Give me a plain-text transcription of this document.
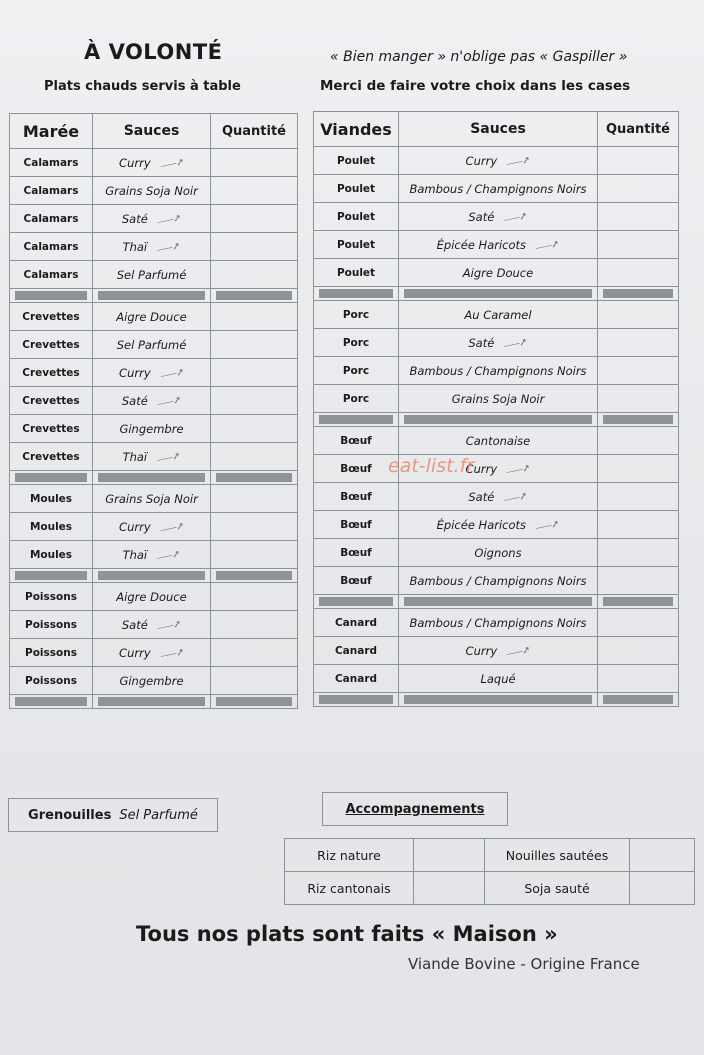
À VOLONTÉ
Plats chauds servis à table
« Bien manger » n'oblige pas « Gaspiller »
Merci de faire votre choix dans les cases
Marée	Sauces	Quantité
Calamars	Curry ⸺➚	
Calamars	Grains Soja Noir	
Calamars	Saté ⸺➚	
Calamars	Thaï ⸺➚	
Calamars	Sel Parfumé	

Crevettes	Aigre Douce	
Crevettes	Sel Parfumé	
Crevettes	Curry ⸺➚	
Crevettes	Saté ⸺➚	
Crevettes	Gingembre	
Crevettes	Thaï ⸺➚	

Moules	Grains Soja Noir	
Moules	Curry ⸺➚	
Moules	Thaï ⸺➚	

Poissons	Aigre Douce	
Poissons	Saté ⸺➚	
Poissons	Curry ⸺➚	
Poissons	Gingembre	

Viandes	Sauces	Quantité
Poulet	Curry ⸺➚	
Poulet	Bambous / Champignons Noirs	
Poulet	Saté ⸺➚	
Poulet	Épicée Haricots ⸺➚	
Poulet	Aigre Douce	

Porc	Au Caramel	
Porc	Saté ⸺➚	
Porc	Bambous / Champignons Noirs	
Porc	Grains Soja Noir	

Bœuf	Cantonaise	
Bœuf	Curry ⸺➚	
Bœuf	Saté ⸺➚	
Bœuf	Épicée Haricots ⸺➚	
Bœuf	Oignons	
Bœuf	Bambous / Champignons Noirs	

Canard	Bambous / Champignons Noirs	
Canard	Curry ⸺➚	
Canard	Laqué	

eat-list.fr
Grenouilles Sel Parfumé	Accompagnements
Riz nature		Nouilles sautées	
Riz cantonais		Soja sauté	
Tous nos plats sont faits « Maison »
Viande Bovine - Origine France
